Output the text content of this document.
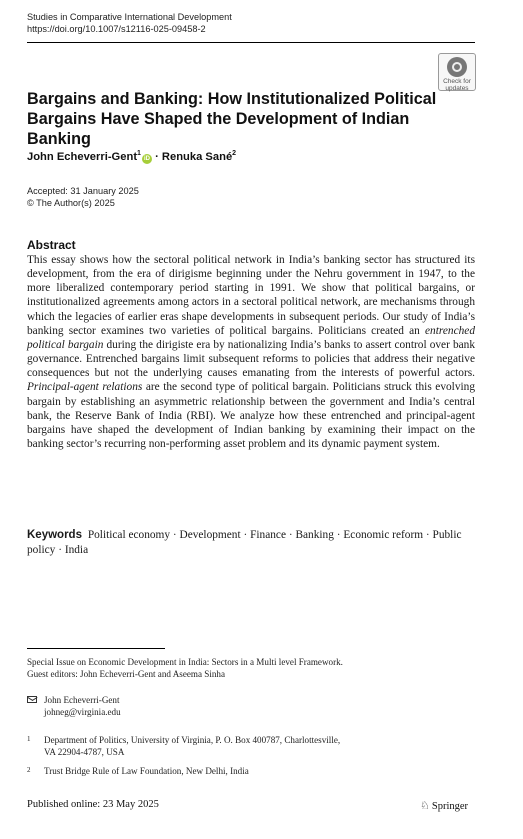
Studies in Comparative International Development
https://doi.org/10.1007/s12116-025-09458-2
Check for
updates
Bargains and Banking: How Institutionalized Political
Bargains Have Shaped the Development of Indian Banking
John Echeverri-Gent$^1$iD · Renuka Sané$^2$
Accepted: 31 January 2025
© The Author(s) 2025
Abstract
This essay shows how the sectoral political network in India’s banking sector has structured its development, from the era of dirigisme beginning under the Nehru government in 1947, to the more liberalized contemporary period starting in 1991. We show that political bargains, or institutionalized agreements among actors in a sectoral political network, are mechanisms through which the legacies of earlier eras shape developments in subsequent periods. Our study of India’s banking sector examines two varieties of political bargains. Politicians created an entrenched political bargain during the dirigiste era by nationalizing India’s banks to assert control over bank governance. Entrenched bargains limit subsequent reforms to policies that address their negative consequences but not the underlying causes emanating from the interests of powerful actors. Principal-agent relations are the second type of political bargain. Politicians struck this evolving bargain by establishing an asymmetric relationship between the government and India’s central bank, the Reserve Bank of India (RBI). We analyze how these entrenched and principal-agent bargains have shaped the development of Indian banking by examining their impact on the banking sector’s recurring non-performing asset problem and its dynamic payment system.
Keywords Political economy · Development · Finance · Banking · Economic reform · Public policy · India
Special Issue on Economic Development in India: Sectors in a Multi level Framework.
Guest editors: John Echeverri-Gent and Aseema Sinha
John Echeverri-Gent
johneg@virginia.edu
1 Department of Politics, University of Virginia, P. O. Box 400787, Charlottesville,
VA 22904-4787, USA
2 Trust Bridge Rule of Law Foundation, New Delhi, India
Published online: 23 May 2025	♘ Springer
